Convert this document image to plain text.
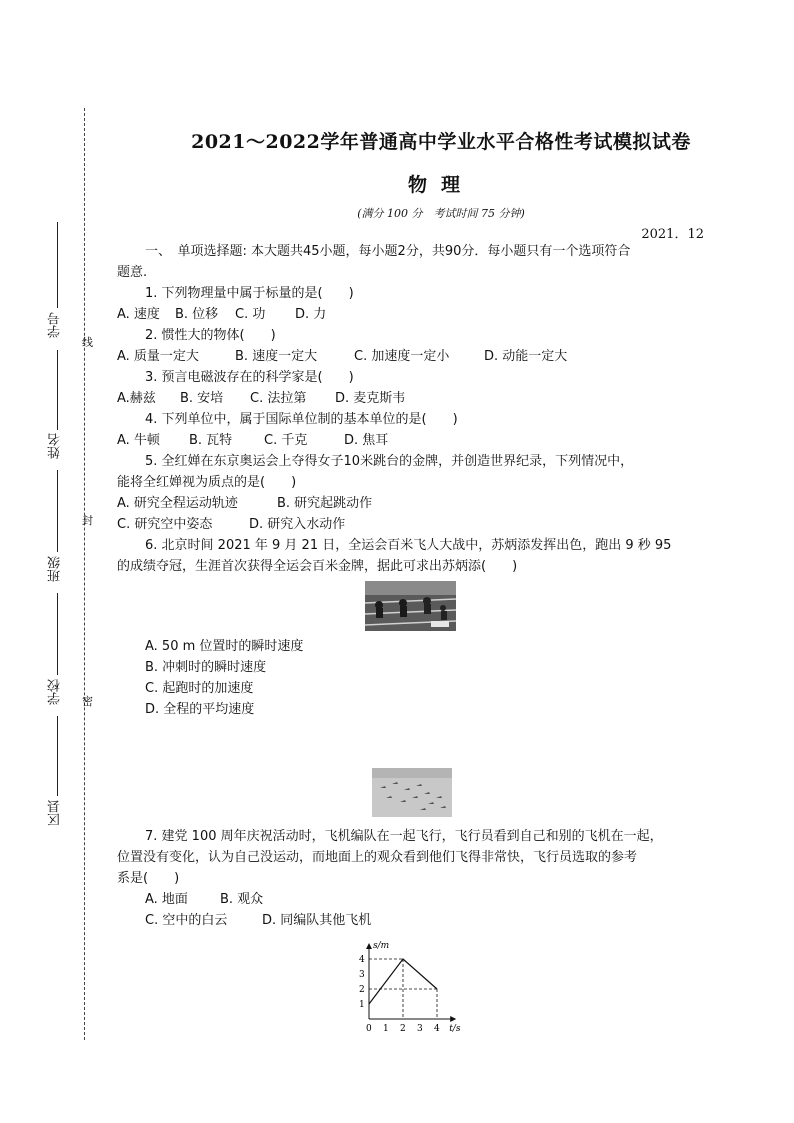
学号
姓名
班级
学校
区县
线
封
密
2021～2022学年普通高中学业水平合格性考试模拟试卷
物理
(满分 100 分　考试时间 75 分钟)
2021．12
一、　单项选择题: 本大题共45小题，每小题2分，共90分．每小题只有一个选项符合
题意.
1. 下列物理量中属于标量的是(　　)
A. 速度 B. 位移 C. 功 D. 力
2. 惯性大的物体(　　)
A. 质量一定大	B. 速度一定大	C. 加速度一定小	D. 动能一定大
3. 预言电磁波存在的科学家是(　　)
A.赫兹 B. 安培 C. 法拉第 D. 麦克斯韦
4. 下列单位中，属于国际单位制的基本单位的是(　　)
A. 牛顿 B. 瓦特 C. 千克	D. 焦耳
5. 全红婵在东京奥运会上夺得女子10米跳台的金牌，并创造世界纪录，下列情况中，
能将全红婵视为质点的是(　　)
A. 研究全程运动轨迹	B. 研究起跳动作
C. 研究空中姿态	D. 研究入水动作
6. 北京时间 2021 年 9 月 21 日，全运会百米飞人大战中，苏炳添发挥出色，跑出 9 秒 95
的成绩夺冠，生涯首次获得全运会百米金牌，据此可求出苏炳添(　　)
A. 50 m 位置时的瞬时速度
B. 冲刺时的瞬时速度
C. 起跑时的加速度
D. 全程的平均速度
7. 建党 100 周年庆祝活动时，飞机编队在一起飞行，飞行员看到自己和别的飞机在一起，
位置没有变化，认为自己没运动，而地面上的观众看到他们飞得非常快，飞行员选取的参考
系是(　　)
A. 地面 B. 观众
C. 空中的白云	D. 同编队其他飞机
t/s
s/m
0 1 2 3 4
1
2
3
4
